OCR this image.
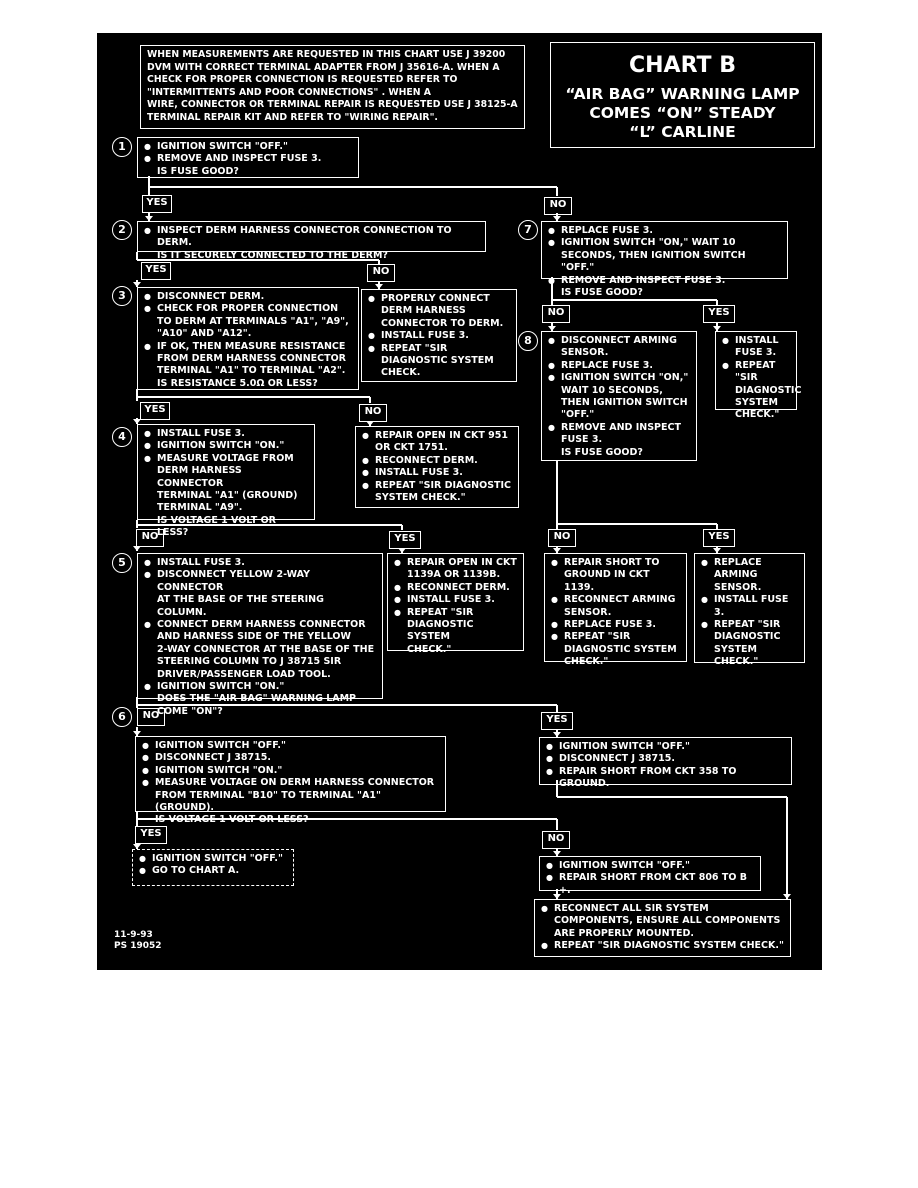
WHEN MEASUREMENTS ARE REQUESTED IN THIS CHART USE J 39200
DVM WITH CORRECT TERMINAL ADAPTER FROM J 35616-A. WHEN A
CHECK FOR PROPER CONNECTION IS REQUESTED REFER TO
"INTERMITTENTS AND POOR CONNECTIONS" . WHEN A
WIRE, CONNECTOR OR TERMINAL REPAIR IS REQUESTED USE J 38125-A
TERMINAL REPAIR KIT AND REFER TO "WIRING REPAIR".
CHART B
“AIR BAG” WARNING LAMP
COMES “ON” STEADY
“L” CARLINE
1
2
3
4
5
6
7
8
● IGNITION SWITCH "OFF."
● REMOVE AND INSPECT FUSE 3.
IS FUSE GOOD?
YES	NO
● INSPECT DERM HARNESS CONNECTOR CONNECTION TO DERM.
IS IT SECURELY CONNECTED TO THE DERM?
YES	NO
● PROPERLY CONNECT
DERM HARNESS
CONNECTOR TO DERM.
● INSTALL FUSE 3.
● REPEAT "SIR
DIAGNOSTIC SYSTEM
CHECK.
● DISCONNECT DERM.
● CHECK FOR PROPER CONNECTION
TO DERM AT TERMINALS "A1", "A9",
"A10" AND "A12".
● IF OK, THEN MEASURE RESISTANCE
FROM DERM HARNESS CONNECTOR
TERMINAL "A1" TO TERMINAL "A2".
IS RESISTANCE 5.0Ω OR LESS?
YES	NO
● REPAIR OPEN IN CKT 951
OR CKT 1751.
● RECONNECT DERM.
● INSTALL FUSE 3.
● REPEAT "SIR DIAGNOSTIC
SYSTEM CHECK."
● INSTALL FUSE 3.
● IGNITION SWITCH "ON."
● MEASURE VOLTAGE FROM
DERM HARNESS CONNECTOR
TERMINAL "A1" (GROUND)
TERMINAL "A9".
IS VOLTAGE 1 VOLT OR LESS?
NO	YES
● REPAIR OPEN IN CKT
1139A OR 1139B.
● RECONNECT DERM.
● INSTALL FUSE 3.
● REPEAT "SIR
DIAGNOSTIC SYSTEM
CHECK."
● INSTALL FUSE 3.
● DISCONNECT YELLOW 2-WAY CONNECTOR
AT THE BASE OF THE STEERING COLUMN.
● CONNECT DERM HARNESS CONNECTOR
AND HARNESS SIDE OF THE YELLOW
2-WAY CONNECTOR AT THE BASE OF THE
STEERING COLUMN TO J 38715 SIR
DRIVER/PASSENGER LOAD TOOL.
● IGNITION SWITCH "ON."
DOES THE "AIR BAG" WARNING LAMP
COME "ON"?
NO	YES
● IGNITION SWITCH "OFF."
● DISCONNECT J 38715.
● REPAIR SHORT FROM CKT 358 TO GROUND.
● IGNITION SWITCH "OFF."
● DISCONNECT J 38715.
● IGNITION SWITCH "ON."
● MEASURE VOLTAGE ON DERM HARNESS CONNECTOR
FROM TERMINAL "B10" TO TERMINAL "A1" (GROUND).
IS VOLTAGE 1 VOLT OR LESS?
YES	NO
● IGNITION SWITCH "OFF."
● GO TO CHART A.
●	IGNITION SWITCH "OFF."
● REPAIR SHORT FROM CKT 806 TO B +.
● RECONNECT ALL SIR SYSTEM
COMPONENTS, ENSURE ALL COMPONENTS
ARE PROPERLY MOUNTED.
● REPEAT "SIR DIAGNOSTIC SYSTEM CHECK."
● REPLACE FUSE 3.
● IGNITION SWITCH "ON," WAIT 10
SECONDS, THEN IGNITION SWITCH "OFF."
● REMOVE AND INSPECT FUSE 3.
IS FUSE GOOD?
NO	YES
● INSTALL
FUSE 3.
● REPEAT "SIR
DIAGNOSTIC
SYSTEM
CHECK."
● DISCONNECT ARMING
SENSOR.
● REPLACE FUSE 3.
● IGNITION SWITCH "ON,"
WAIT 10 SECONDS,
THEN IGNITION SWITCH
"OFF."
● REMOVE AND INSPECT
FUSE 3.
IS FUSE GOOD?
NO	YES
● REPAIR SHORT TO
GROUND IN CKT 1139.
● RECONNECT ARMING
SENSOR.
● REPLACE FUSE 3.
● REPEAT "SIR
DIAGNOSTIC SYSTEM
CHECK."
● REPLACE
ARMING
SENSOR.
● INSTALL FUSE 3.
● REPEAT "SIR
DIAGNOSTIC
SYSTEM
CHECK."
11-9-93
PS 19052
